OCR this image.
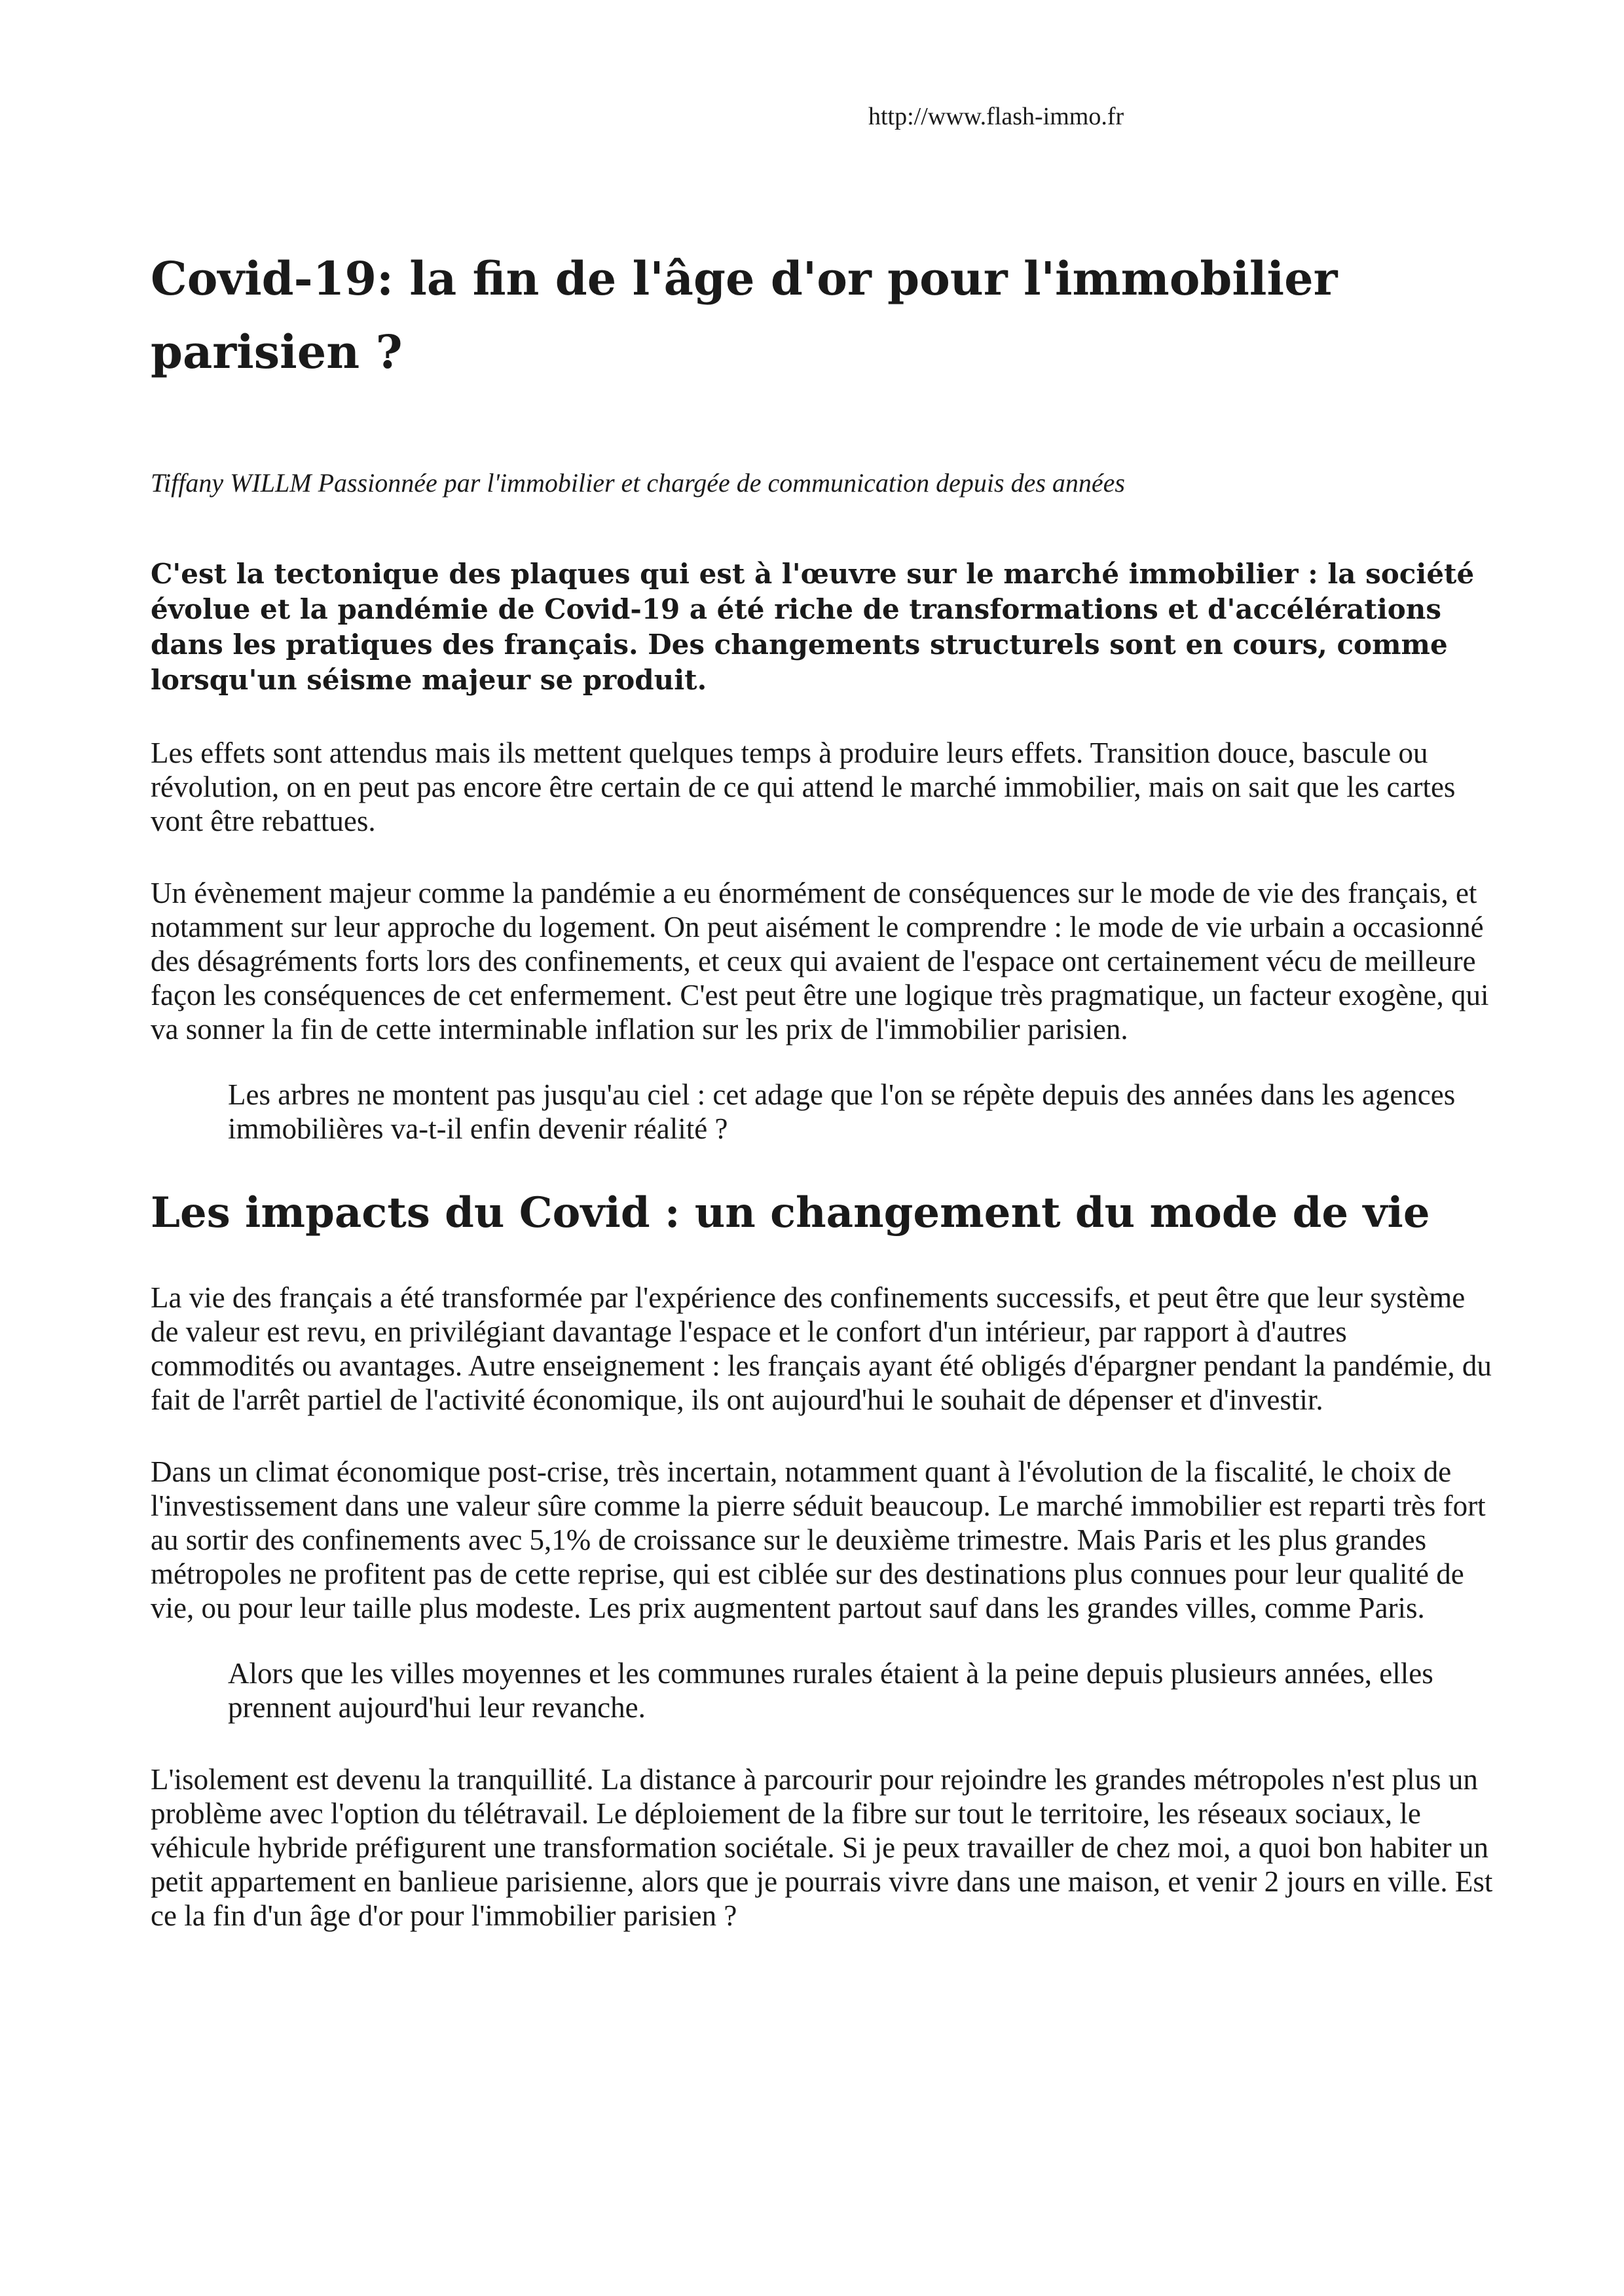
http://www.flash-immo.fr
Covid-19: la fin de l'âge d'or pour l'immobilier parisien ?

Tiffany WILLM Passionnée par l'immobilier et chargée de communication depuis des années

C'est la tectonique des plaques qui est à l'œuvre sur le marché immobilier : la société évolue et la pandémie de Covid-19 a été riche de transformations et d'accélérations dans les pratiques des français. Des changements structurels sont en cours, comme lorsqu'un séisme majeur se produit.

Les effets sont attendus mais ils mettent quelques temps à produire leurs effets. Transition douce, bascule ou révolution, on en peut pas encore être certain de ce qui attend le marché immobilier, mais on sait que les cartes vont être rebattues.

Un évènement majeur comme la pandémie a eu énormément de conséquences sur le mode de vie des français, et notamment sur leur approche du logement. On peut aisément le comprendre : le mode de vie urbain a occasionné des désagréments forts lors des confinements, et ceux qui avaient de l'espace ont certainement vécu de meilleure façon les conséquences de cet enfermement. C'est peut être une logique très pragmatique, un facteur exogène, qui va sonner la fin de cette interminable inflation sur les prix de l'immobilier parisien.

Les arbres ne montent pas jusqu'au ciel : cet adage que l'on se répète depuis des années dans les agences immobilières va-t-il enfin devenir réalité ?

Les impacts du Covid : un changement du mode de vie

La vie des français a été transformée par l'expérience des confinements successifs, et peut être que leur système de valeur est revu, en privilégiant davantage l'espace et le confort d'un intérieur, par rapport à d'autres commodités ou avantages. Autre enseignement : les français ayant été obligés d'épargner pendant la pandémie, du fait de l'arrêt partiel de l'activité économique, ils ont aujourd'hui le souhait de dépenser et d'investir.

Dans un climat économique post-crise, très incertain, notamment quant à l'évolution de la fiscalité, le choix de l'investissement dans une valeur sûre comme la pierre séduit beaucoup. Le marché immobilier est reparti très fort au sortir des confinements avec 5,1% de croissance sur le deuxième trimestre. Mais Paris et les plus grandes métropoles ne profitent pas de cette reprise, qui est ciblée sur des destinations plus connues pour leur qualité de vie, ou pour leur taille plus modeste. Les prix augmentent partout sauf dans les grandes villes, comme Paris.

Alors que les villes moyennes et les communes rurales étaient à la peine depuis plusieurs années, elles prennent aujourd'hui leur revanche.

L'isolement est devenu la tranquillité. La distance à parcourir pour rejoindre les grandes métropoles n'est plus un problème avec l'option du télétravail. Le déploiement de la fibre sur tout le territoire, les réseaux sociaux, le véhicule hybride préfigurent une transformation sociétale. Si je peux travailler de chez moi, a quoi bon habiter un petit appartement en banlieue parisienne, alors que je pourrais vivre dans une maison, et venir 2 jours en ville. Est ce la fin d'un âge d'or pour l'immobilier parisien ?
